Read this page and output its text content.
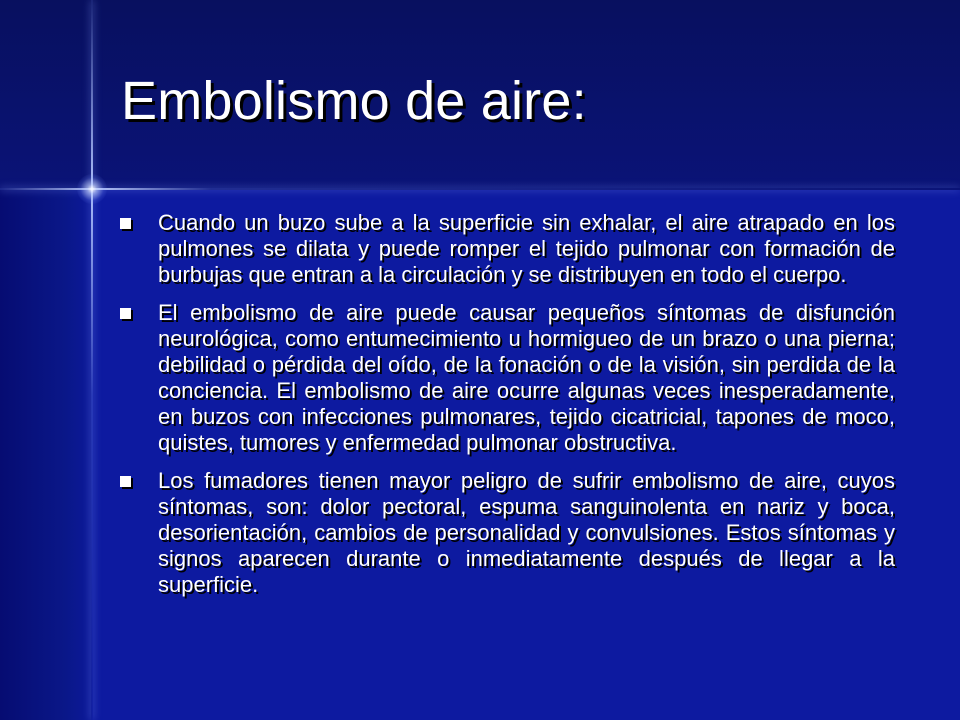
Embolismo de aire:
Cuando un buzo sube a la superficie sin exhalar, el aire atrapado en los pulmones se dilata y puede romper el tejido pulmonar con formación de burbujas que entran a la circulación y se distribuyen en todo el cuerpo.
El embolismo de aire puede causar pequeños síntomas de disfunción neurológica, como entumecimiento u hormigueo de un brazo o una pierna; debilidad o pérdida del oído, de la fonación o de la visión, sin perdida de la conciencia. El embolismo de aire ocurre algunas veces inesperadamente, en buzos con infecciones pulmonares, tejido cicatricial, tapones de moco, quistes, tumores y enfermedad pulmonar obstructiva.
Los fumadores tienen mayor peligro de sufrir embolismo de aire, cuyos síntomas, son: dolor pectoral, espuma sanguinolenta en nariz y boca, desorientación, cambios de personalidad y convulsiones. Estos síntomas y signos aparecen durante o inmediatamente después de llegar a la superficie.
